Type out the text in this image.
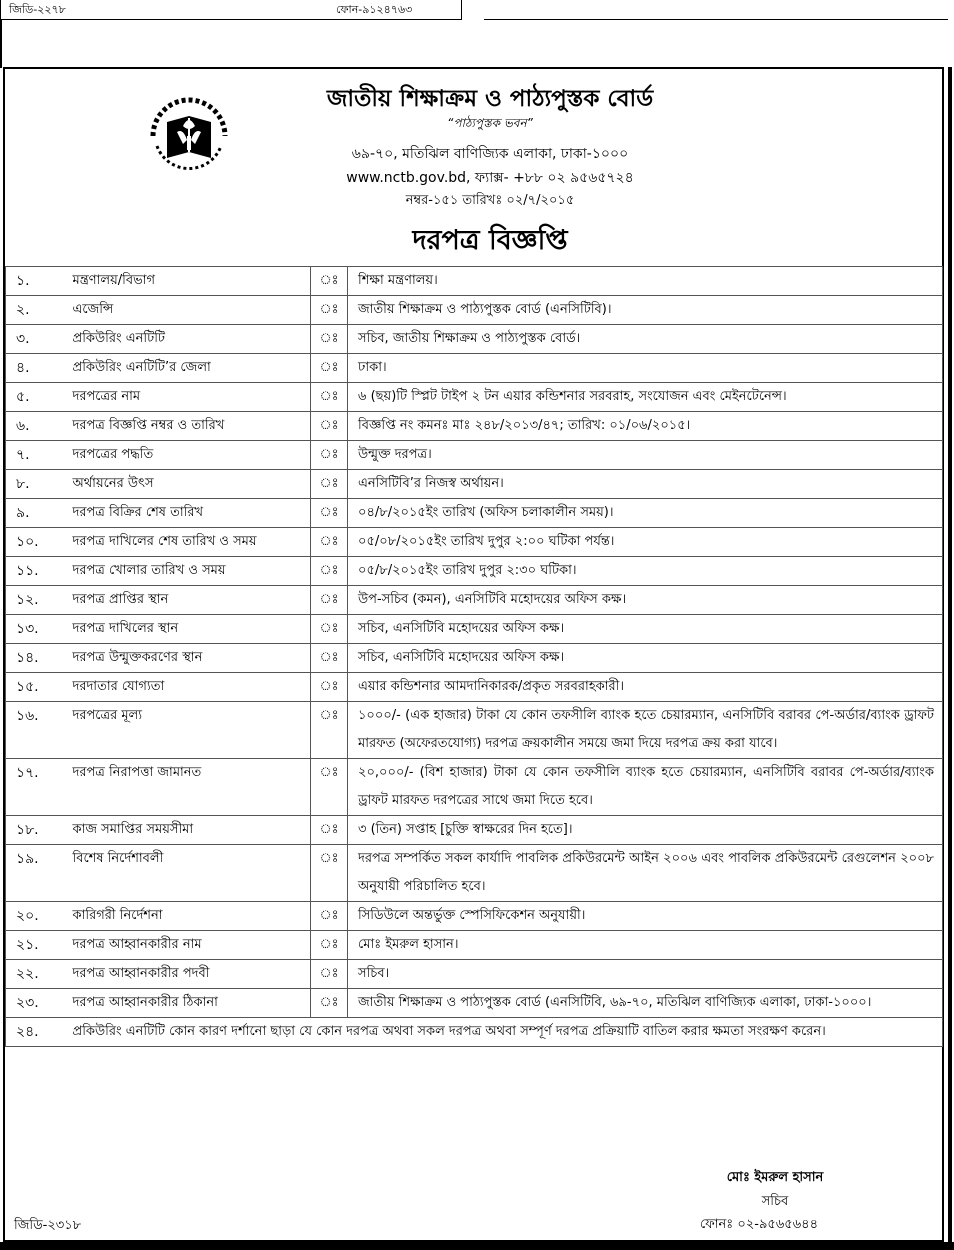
জিডি-২২৭৮	ফোন-৯১২৪৭৬৩
জাতীয় শিক্ষাক্রম ও পাঠ্যপুস্তক বোর্ড
“পাঠ্যপুস্তক ভবন”
৬৯-৭০, মতিঝিল বাণিজ্যিক এলাকা, ঢাকা-১০০০
www.nctb.gov.bd, ফ্যাক্স- +৮৮ ০২ ৯৫৬৫৭২৪
নম্বর-১৫১ তারিখঃ ০২/৭/২০১৫
দরপত্র বিজ্ঞপ্তি
১.	মন্ত্রণালয়/বিভাগ	ঃ	শিক্ষা মন্ত্রণালয়।
২.	এজেন্সি	ঃ	জাতীয় শিক্ষাক্রম ও পাঠ্যপুস্তক বোর্ড (এনসিটিবি)।
৩.	প্রকিউরিং এনটিটি	ঃ	সচিব, জাতীয় শিক্ষাক্রম ও পাঠ্যপুস্তক বোর্ড।
৪.	প্রকিউরিং এনটিটি’র জেলা	ঃ	ঢাকা।
৫.	দরপত্রের নাম	ঃ	৬ (ছয়)টি স্প্লিট টাইপ ২ টন এয়ার কন্ডিশনার সরবরাহ, সংযোজন এবং মেইনটেনেন্স।
৬.	দরপত্র বিজ্ঞপ্তি নম্বর ও তারিখ	ঃ	বিজ্ঞপ্তি নং কমনঃ মাঃ ২৪৮/২০১৩/৪৭; তারিখ: ০১/০৬/২০১৫।
৭.	দরপত্রের পদ্ধতি	ঃ	উন্মুক্ত দরপত্র।
৮.	অর্থায়নের উৎস	ঃ	এনসিটিবি’র নিজস্ব অর্থায়ন।
৯.	দরপত্র বিক্রির শেষ তারিখ	ঃ	০৪/৮/২০১৫ইং তারিখ (অফিস চলাকালীন সময়)।
১০.	দরপত্র দাখিলের শেষ তারিখ ও সময়	ঃ	০৫/০৮/২০১৫ইং তারিখ দুপুর ২:০০ ঘটিকা পর্যন্ত।
১১.	দরপত্র খোলার তারিখ ও সময়	ঃ	০৫/৮/২০১৫ইং তারিখ দুপুর ২:৩০ ঘটিকা।
১২.	দরপত্র প্রাপ্তির স্থান	ঃ	উপ-সচিব (কমন), এনসিটিবি মহোদয়ের অফিস কক্ষ।
১৩.	দরপত্র দাখিলের স্থান	ঃ	সচিব, এনসিটিবি মহোদয়ের অফিস কক্ষ।
১৪.	দরপত্র উন্মুক্তকরণের স্থান	ঃ	সচিব, এনসিটিবি মহোদয়ের অফিস কক্ষ।
১৫.	দরদাতার যোগ্যতা	ঃ	এয়ার কন্ডিশনার আমদানিকারক/প্রকৃত সরবরাহকারী।
১৬.	দরপত্রের মূল্য	ঃ	১০০০/- (এক হাজার) টাকা যে কোন তফসীলি ব্যাংক হতে চেয়ারম্যান, এনসিটিবি বরাবর পে-অর্ডার/ব্যাংক ড্রাফট মারফত (অফেরতযোগ্য) দরপত্র ক্রয়কালীন সময়ে জমা দিয়ে দরপত্র ক্রয় করা যাবে।
১৭.	দরপত্র নিরাপত্তা জামানত	ঃ	২০,০০০/- (বিশ হাজার) টাকা যে কোন তফসীলি ব্যাংক হতে চেয়ারম্যান, এনসিটিবি বরাবর পে-অর্ডার/ব্যাংক ড্রাফট মারফত দরপত্রের সাথে জমা দিতে হবে।
১৮.	কাজ সমাপ্তির সময়সীমা	ঃ	৩ (তিন) সপ্তাহ [চুক্তি স্বাক্ষরের দিন হতে]।
১৯.	বিশেষ নির্দেশাবলী	ঃ	দরপত্র সম্পর্কিত সকল কার্যাদি পাবলিক প্রকিউরমেন্ট আইন ২০০৬ এবং পাবলিক প্রকিউরমেন্ট রেগুলেশন ২০০৮ অনুযায়ী পরিচালিত হবে।
২০.	কারিগরী নির্দেশনা	ঃ	সিডিউলে অন্তর্ভুক্ত স্পেসিফিকেশন অনুযায়ী।
২১.	দরপত্র আহ্বানকারীর নাম	ঃ	মোঃ ইমরুল হাসান।
২২.	দরপত্র আহ্বানকারীর পদবী	ঃ	সচিব।
২৩.	দরপত্র আহ্বানকারীর ঠিকানা	ঃ	জাতীয় শিক্ষাক্রম ও পাঠ্যপুস্তক বোর্ড (এনসিটিবি, ৬৯-৭০, মতিঝিল বাণিজ্যিক এলাকা, ঢাকা-১০০০।
২৪.	প্রকিউরিং এনটিটি কোন কারণ দর্শানো ছাড়া যে কোন দরপত্র অথবা সকল দরপত্র অথবা সম্পূর্ণ দরপত্র প্রক্রিয়াটি বাতিল করার ক্ষমতা সংরক্ষণ করেন।		
মোঃ ইমরুল হাসান
সচিব
ফোনঃ ০২-৯৫৬৫৬৪৪
জিডি-২৩১৮
